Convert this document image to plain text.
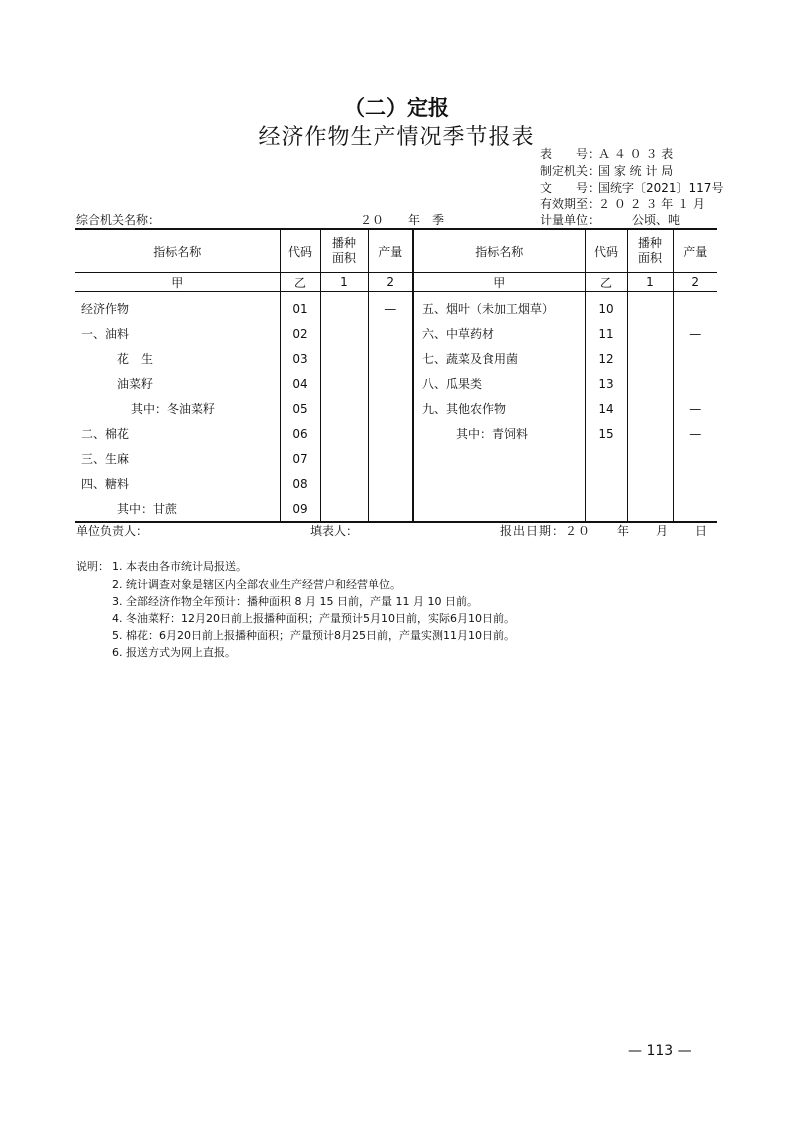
（二）定报
经济作物生产情况季节报表
表　　号：Ａ ４ ０ ３ 表
制定机关：国 家 统 计 局
文　　号：国统字〔2021〕117号
有效期至：２ ０ ２ ３ 年 １ 月
综合机关名称：	２０　　年　季	计量单位：	公顷、吨
指标名称	代码	播种面积	产量	指标名称	代码	播种面积	产量
甲	乙	1	2	甲	乙	1	2
经济作物	01		—	五、烟叶（未加工烟草）	10		
一、油料	02			六、中草药材	11		—
花　生	03			七、蔬菜及食用菌	12		
油菜籽	04			八、瓜果类	13		
其中：冬油菜籽	05			九、其他农作物	14		—
二、棉花	06			其中：青饲料	15		—
三、生麻	07						
四、糖料	08						
其中：甘蔗	09						
单位负责人：	填表人：	报出日期：２０　　年　　月　　日
说明： 1. 本表由各市统计局报送。
2. 统计调查对象是辖区内全部农业生产经营户和经营单位。
3. 全部经济作物全年预计：播种面积 8 月 15 日前，产量 11 月 10 日前。
4. 冬油菜籽：12月20日前上报播种面积；产量预计5月10日前，实际6月10日前。
5. 棉花：6月20日前上报播种面积；产量预计8月25日前，产量实测11月10日前。
6. 报送方式为网上直报。
— 113 —
